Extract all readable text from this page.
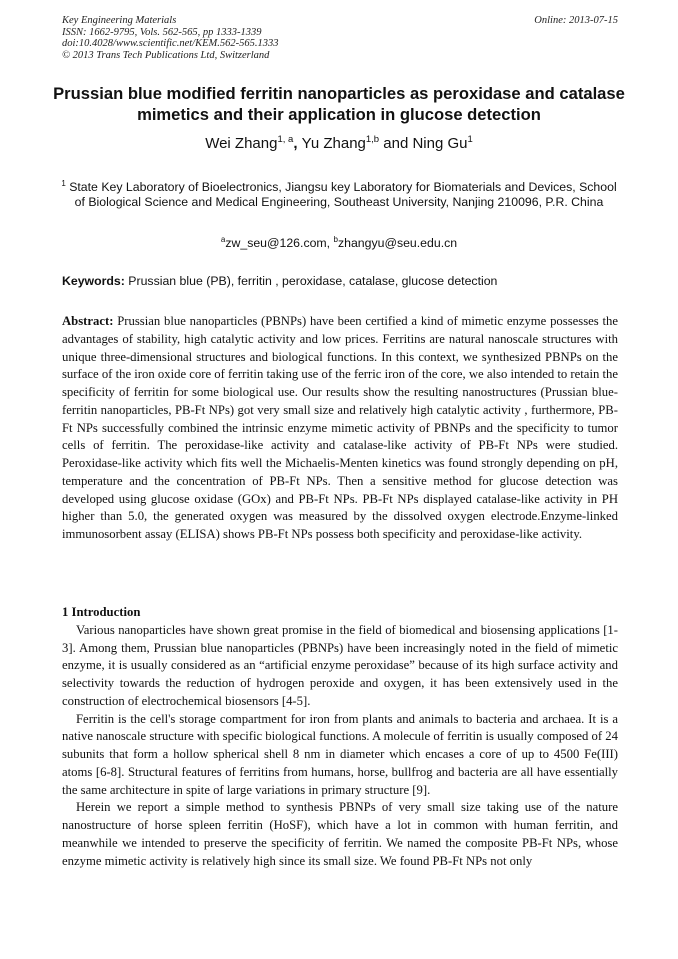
Key Engineering Materials
ISSN: 1662-9795, Vols. 562-565, pp 1333-1339
doi:10.4028/www.scientific.net/KEM.562-565.1333
© 2013 Trans Tech Publications Ltd, Switzerland
Online: 2013-07-15
Prussian blue modified ferritin nanoparticles as peroxidase and catalase
mimetics and their application in glucose detection
Wei Zhang$^{1, a}$, Yu Zhang$^{1,b}$ and Ning Gu$^1$
$^1$ State Key Laboratory of Bioelectronics, Jiangsu key Laboratory for Biomaterials and Devices, School of Biological Science and Medical Engineering, Southeast University, Nanjing 210096, P.R. China
$^a$zw_seu@126.com, $^b$zhangyu@seu.edu.cn
Keywords: Prussian blue (PB), ferritin , peroxidase, catalase, glucose detection
Abstract: Prussian blue nanoparticles (PBNPs) have been certified a kind of mimetic enzyme possesses the advantages of stability, high catalytic activity and low prices. Ferritins are natural nanoscale structures with unique three-dimensional structures and biological functions. In this context, we synthesized PBNPs on the surface of the iron oxide core of ferritin taking use of the ferric iron of the core, we also intended to retain the specificity of ferritin for some biological use. Our results show the resulting nanostructures (Prussian blue-ferritin nanoparticles, PB-Ft NPs) got very small size and relatively high catalytic activity , furthermore, PB-Ft NPs successfully combined the intrinsic enzyme mimetic activity of PBNPs and the specificity to tumor cells of ferritin. The peroxidase-like activity and catalase-like activity of PB-Ft NPs were studied. Peroxidase-like activity which fits well the Michaelis-Menten kinetics was found strongly depending on pH, temperature and the concentration of PB-Ft NPs. Then a sensitive method for glucose detection was developed using glucose oxidase (GOx) and PB-Ft NPs. PB-Ft NPs displayed catalase-like activity in PH higher than 5.0, the generated oxygen was measured by the dissolved oxygen electrode.Enzyme-linked immunosorbent assay (ELISA) shows PB-Ft NPs possess both specificity and peroxidase-like activity.
1 Introduction

Various nanoparticles have shown great promise in the field of biomedical and biosensing applications [1-3]. Among them, Prussian blue nanoparticles (PBNPs) have been increasingly noted in the field of mimetic enzyme, it is usually considered as an “artificial enzyme peroxidase” because of its high surface activity and selectivity towards the reduction of hydrogen peroxide and oxygen, it has been extensively used in the construction of electrochemical biosensors [4-5].

Ferritin is the cell's storage compartment for iron from plants and animals to bacteria and archaea. It is a native nanoscale structure with specific biological functions. A molecule of ferritin is usually composed of 24 subunits that form a hollow spherical shell 8 nm in diameter which encases a core of up to 4500 Fe(III) atoms [6-8]. Structural features of ferritins from humans, horse, bullfrog and bacteria are all have essentially the same architecture in spite of large variations in primary structure [9].

Herein we report a simple method to synthesis PBNPs of very small size taking use of the nature nanostructure of horse spleen ferritin (HoSF), which have a lot in common with human ferritin, and meanwhile we intended to preserve the specificity of ferritin. We named the composite PB-Ft NPs, whose enzyme mimetic activity is relatively high since its small size. We found PB-Ft NPs not only
